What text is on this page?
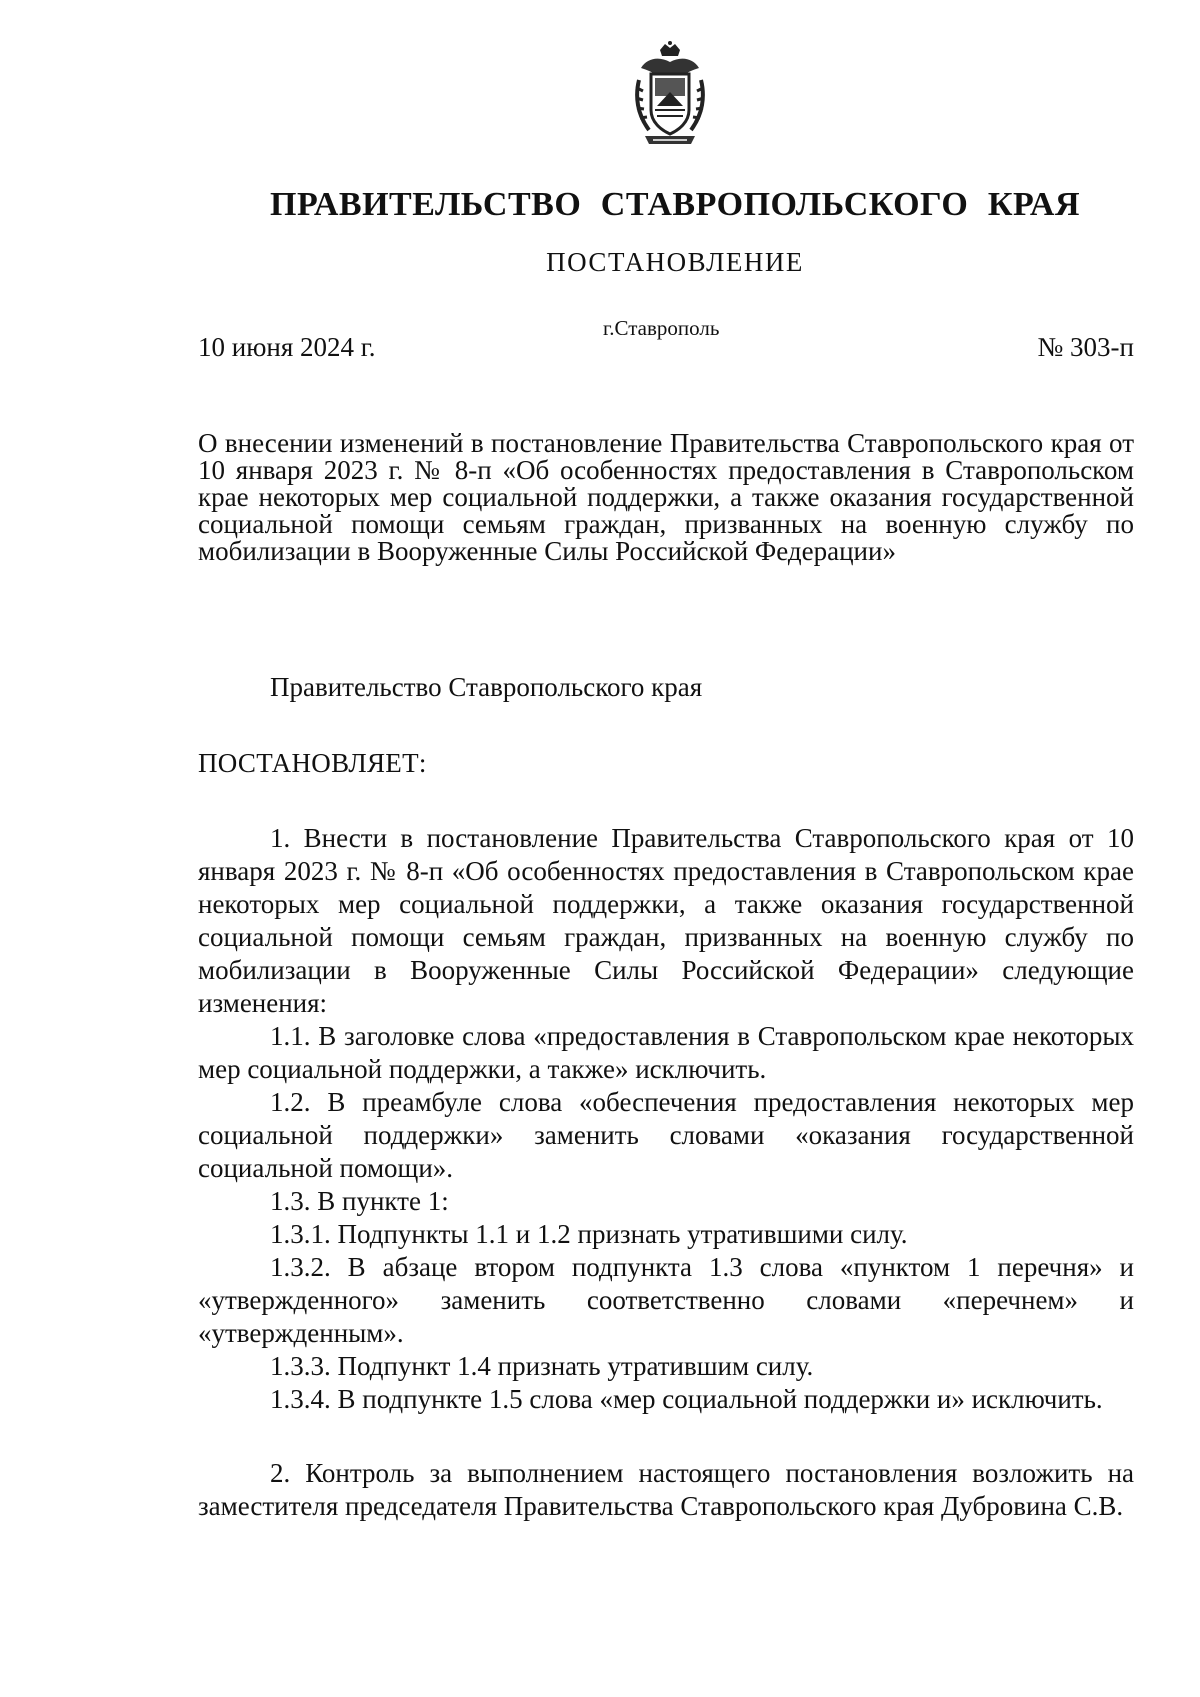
ПРАВИТЕЛЬСТВО СТАВРОПОЛЬСКОГО КРАЯ
ПОСТАНОВЛЕНИЕ
10 июня 2024 г.
г.Ставрополь
№ 303-п

О внесении изменений в постановление Правительства Ставропольского края от 10 января 2023 г. № 8-п «Об особенностях предоставления в Ставропольском крае некоторых мер социальной поддержки, а также оказания государственной социальной помощи семьям граждан, призванных на военную службу по мобилизации в Вооруженные Силы Российской Федерации»

Правительство Ставропольского края
ПОСТАНОВЛЯЕТ:

1. Внести в постановление Правительства Ставропольского края от 10 января 2023 г. № 8-п «Об особенностях предоставления в Ставропольском крае некоторых мер социальной поддержки, а также оказания государственной социальной помощи семьям граждан, призванных на военную службу по мобилизации в Вооруженные Силы Российской Федерации» следующие изменения:

1.1. В заголовке слова «предоставления в Ставропольском крае некоторых мер социальной поддержки, а также» исключить.

1.2. В преамбуле слова «обеспечения предоставления некоторых мер социальной поддержки» заменить словами «оказания государственной социальной помощи».

1.3. В пункте 1:

1.3.1. Подпункты 1.1 и 1.2 признать утратившими силу.

1.3.2. В абзаце втором подпункта 1.3 слова «пунктом 1 перечня» и «утвержденного» заменить соответственно словами «перечнем» и «утвержденным».

1.3.3. Подпункт 1.4 признать утратившим силу.

1.3.4. В подпункте 1.5 слова «мер социальной поддержки и» исключить.

2. Контроль за выполнением настоящего постановления возложить на заместителя председателя Правительства Ставропольского края Дубровина С.В.
